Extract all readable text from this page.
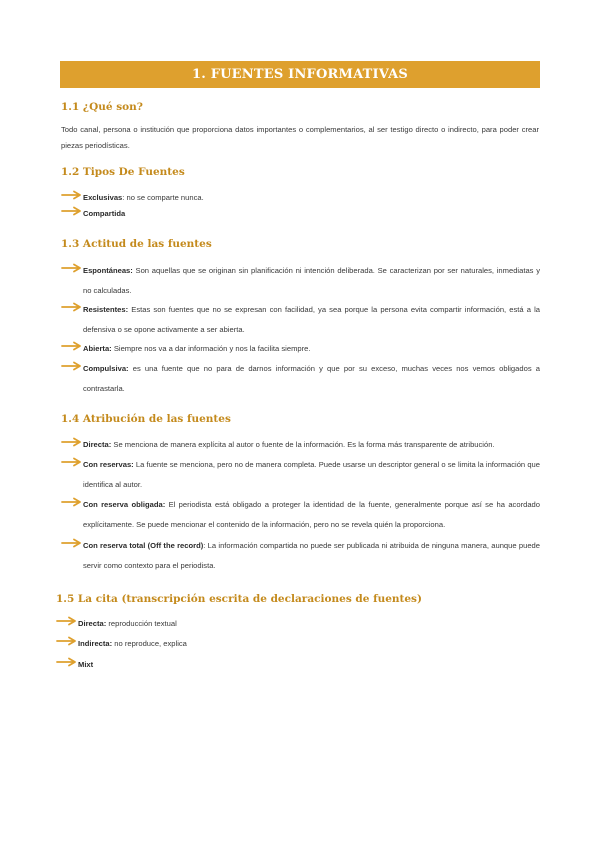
1. FUENTES INFORMATIVAS
1.1 ¿Qué son?
Todo canal, persona o institución que proporciona datos importantes o complementarios, al ser testigo directo o indirecto, para poder crear piezas periodísticas.
1.2 Tipos De Fuentes
Exclusivas: no se comparte nunca.
Compartida
1.3 Actitud de las fuentes
Espontáneas: Son aquellas que se originan sin planificación ni intención deliberada. Se caracterizan por ser naturales, inmediatas y no calculadas.
Resistentes: Estas son fuentes que no se expresan con facilidad, ya sea porque la persona evita compartir información, está a la defensiva o se opone activamente a ser abierta.
Abierta: Siempre nos va a dar información y nos la facilita siempre.
Compulsiva: es una fuente que no para de darnos información y que por su exceso, muchas veces nos vemos obligados a contrastarla.
1.4 Atribución de las fuentes
Directa: Se menciona de manera explícita al autor o fuente de la información. Es la forma más transparente de atribución.
Con reservas: La fuente se menciona, pero no de manera completa. Puede usarse un descriptor general o se limita la información que identifica al autor.
Con reserva obligada: El periodista está obligado a proteger la identidad de la fuente, generalmente porque así se ha acordado explícitamente. Se puede mencionar el contenido de la información, pero no se revela quién la proporciona.
Con reserva total (Off the record): La información compartida no puede ser publicada ni atribuida de ninguna manera, aunque puede servir como contexto para el periodista.
1.5 La cita (transcripción escrita de declaraciones de fuentes)
Directa: reproducción textual
Indirecta: no reproduce, explica
Mixt
